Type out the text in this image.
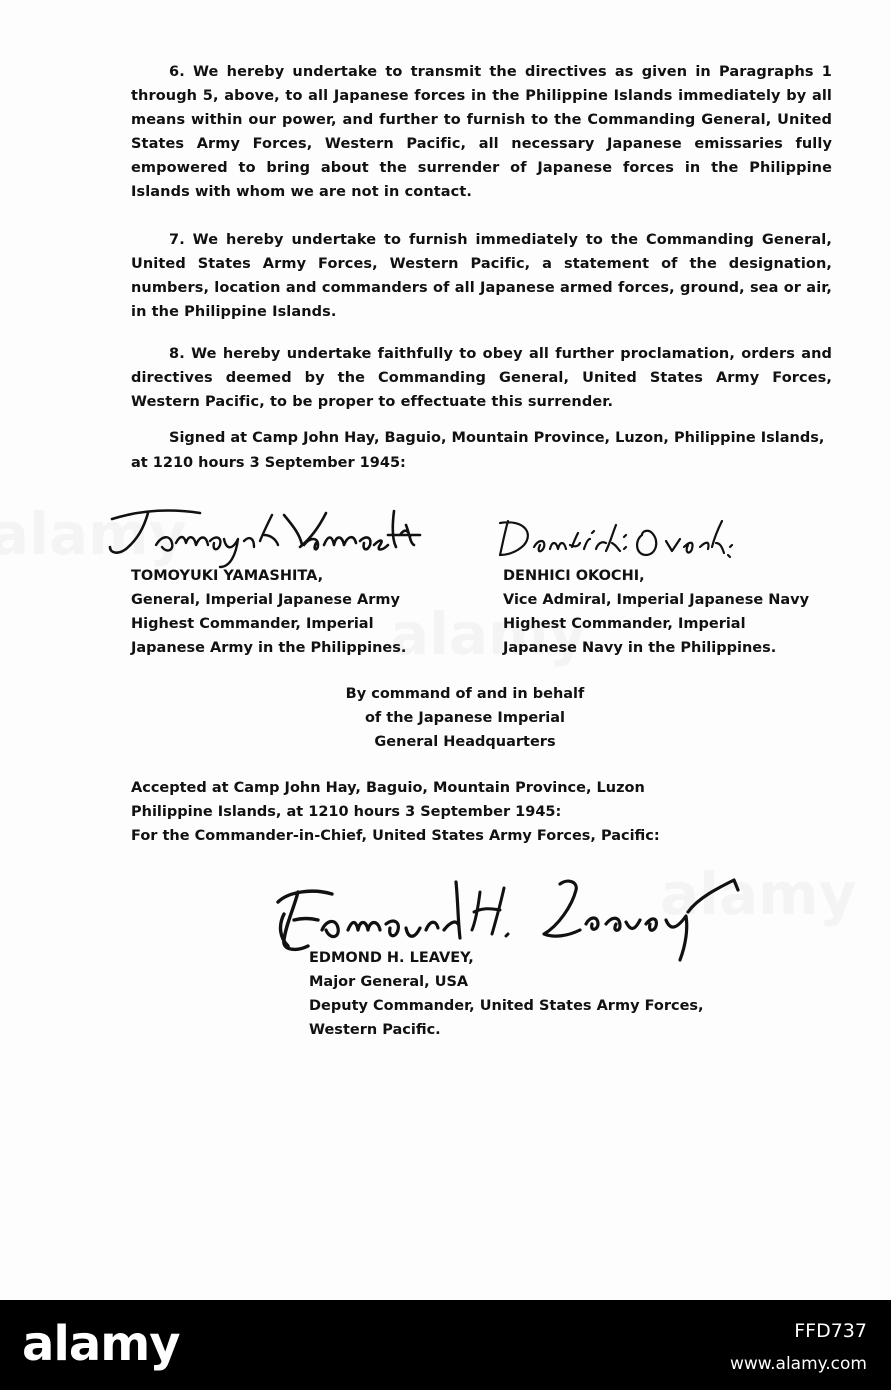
6. We hereby undertake to transmit the directives as given in Paragraphs 1 through 5, above, to all Japanese forces in the Philippine Islands immediately by all means within our power, and further to furnish to the Commanding General, United States Army Forces, Western Pacific, all necessary Japanese emissaries fully empowered to bring about the surrender of Japanese forces in the Philippine Islands with whom we are not in contact.

7. We hereby undertake to furnish immediately to the Commanding General, United States Army Forces, Western Pacific, a statement of the designation, numbers, location and commanders of all Japanese armed forces, ground, sea or air, in the Philippine Islands.

8. We hereby undertake faithfully to obey all further proclamation, orders and directives deemed by the Commanding General, United States Army Forces, Western Pacific, to be proper to effectuate this surrender.

Signed at Camp John Hay, Baguio, Mountain Province, Luzon, Philippine Islands,
at 1210 hours 3 September 1945:
TOMOYUKI YAMASHITA,
General, Imperial Japanese Army
Highest Commander, Imperial
Japanese Army in the Philippines.
DENHICI OKOCHI,
Vice Admiral, Imperial Japanese Navy
Highest Commander, Imperial
Japanese Navy in the Philippines.
By command of and in behalf
of the Japanese Imperial
General Headquarters
Accepted at Camp John Hay, Baguio, Mountain Province, Luzon
Philippine Islands, at 1210 hours 3 September 1945:
For the Commander-in-Chief, United States Army Forces, Pacific:
EDMOND H. LEAVEY,
Major General, USA
Deputy Commander, United States Army Forces,
Western Pacific.
alamy	FFD737
www.alamy.com
